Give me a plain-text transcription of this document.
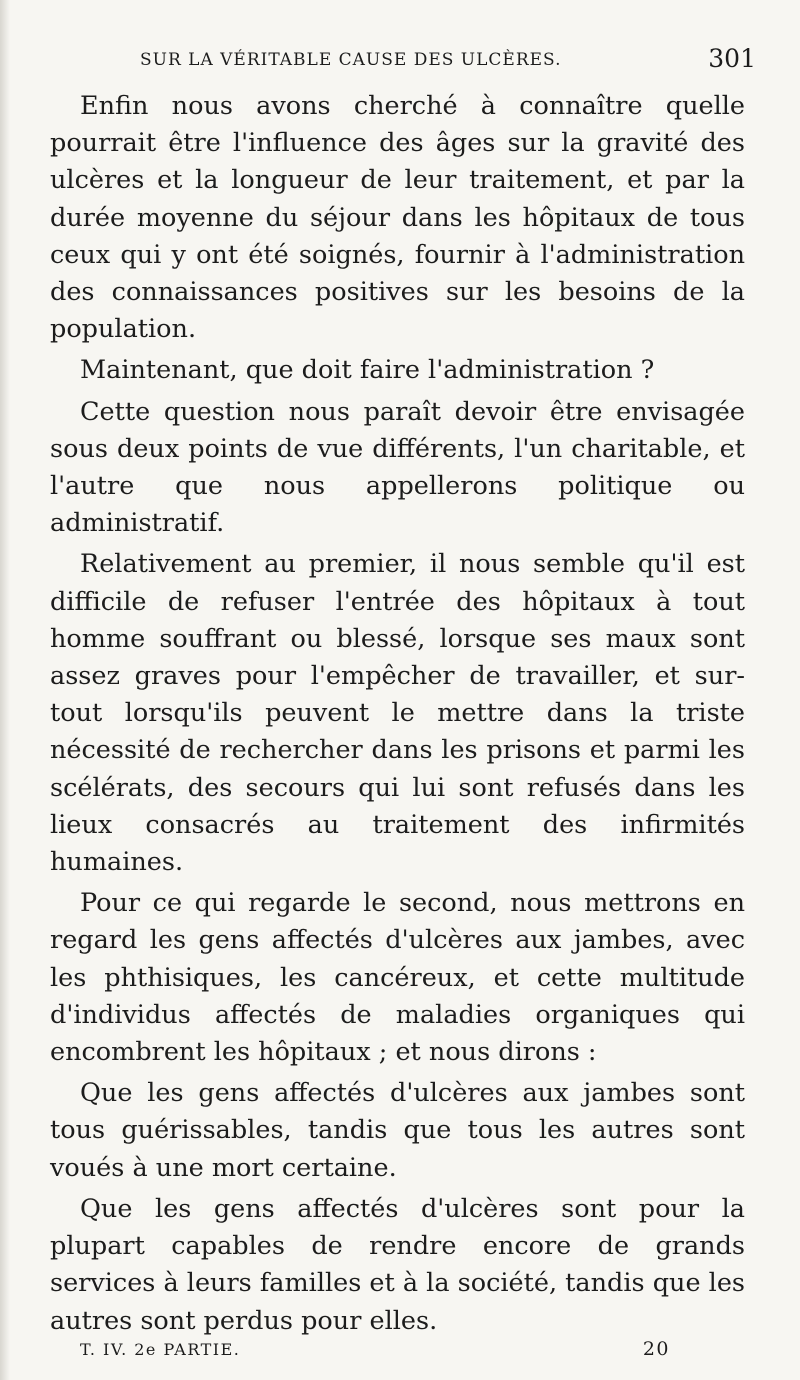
SUR LA VÉRITABLE CAUSE DES ULCÈRES.	301

Enfin nous avons cherché à connaître quelle pourrait être l'influence des âges sur la gravité des ulcères et la longueur de leur traitement, et par la durée moyenne du séjour dans les hôpitaux de tous ceux qui y ont été soignés, fournir à l'administration des connaissances positives sur les besoins de la population.

Maintenant, que doit faire l'administration ?

Cette question nous paraît devoir être envisagée sous deux points de vue différents, l'un charitable, et l'autre que nous appellerons politique ou administratif.

Relativement au premier, il nous semble qu'il est difficile de refuser l'entrée des hôpitaux à tout homme souffrant ou blessé, lorsque ses maux sont assez graves pour l'empêcher de travailler, et sur-tout lorsqu'ils peuvent le mettre dans la triste nécessité de rechercher dans les prisons et parmi les scélérats, des secours qui lui sont refusés dans les lieux consacrés au traitement des infirmités humaines.

Pour ce qui regarde le second, nous mettrons en regard les gens affectés d'ulcères aux jambes, avec les phthisiques, les cancéreux, et cette multitude d'individus affectés de maladies organiques qui encombrent les hôpitaux ; et nous dirons :

Que les gens affectés d'ulcères aux jambes sont tous guérissables, tandis que tous les autres sont voués à une mort certaine.

Que les gens affectés d'ulcères sont pour la plupart capables de rendre encore de grands services à leurs familles et à la société, tandis que les autres sont perdus pour elles.

T. IV. 2e PARTIE.	20
